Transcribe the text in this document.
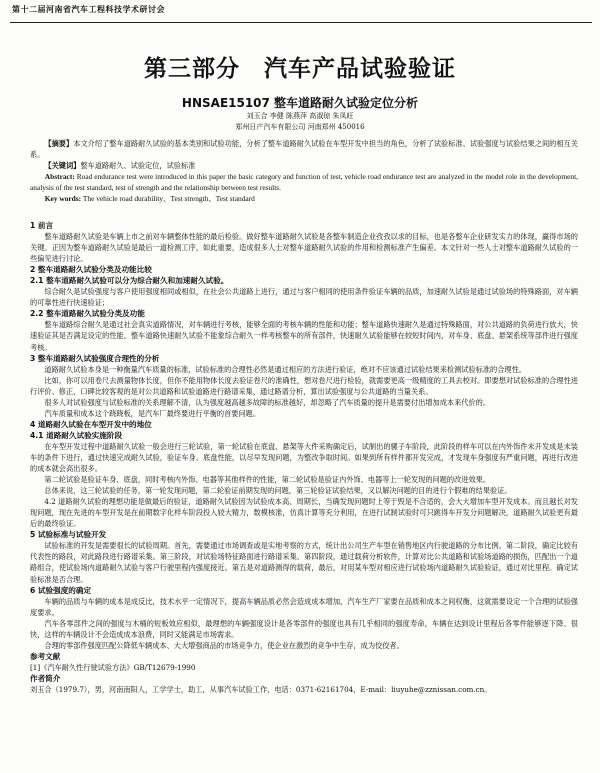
第十二届河南省汽车工程科技学术研讨会
第三部分　汽车产品试验验证
HNSAE15107 整车道路耐久试验定位分析
刘玉合 李健 陈燕萍 高淑琼 朱凤旺
郑州日产汽车有限公司 河南郑州 450016

【摘要】本文介绍了整车道路耐久试验的基本类别和试验功能，分析了整车道路耐久试验在车型开发中担当的角色，分析了试验标准、试验强度与试验结果之间的相互关系。

【关键词】整车道路耐久、试验定位，试验标准

Abstract: Road endurance test were introduced in this paper the basic category and function of test, vehicle road endurance test are analyzed in the model role in the development, analysis of the test standard, test of strength and the relationship between test results.

Key words: The vehicle road durability、Test strength、Test standard

1 前言

整车道路耐久试验是车辆上市之前对车辆整体性能的最后检验。做好整车道路耐久试验是各整车制造企业孜孜以求的目标，也是各整车企业研发实力的体现，赢得市场的关键。正因为整车道路耐久试验是最后一道检测工序，如此重要，造成很多人士对整车道路耐久试验的作用和检测标准产生偏差。本文针对一些人士对整车道路耐久试验的一些偏见进行讨论。

2 整车道路耐久试验分类及功能比较

2.1 整车道路耐久试验可以分为综合耐久和加速耐久试验。

综合耐久是试验强度与客户使用强度相同或相似，在社会公共道路上进行，通过与客户相同的使用条件验证车辆的品质，加速耐久试验是通过试验场的特殊路面，对车辆的可靠性进行快速验证；

2.2 整车道路耐久试验分类及功能

整车道路综合耐久是通过社会真实道路情况，对车辆进行考核，能够全面的考核车辆的性能和功能；整车道路快速耐久是通过特殊路面，对公共道路的负荷进行放大，快速验证其是否满足设定的性能，整车道路快速耐久试验不能象综合耐久一样考核整车的所有部件，快速耐久试验能够在较短时间内，对车身、底盘、悬架系统等部件进行强度考核。

3 整车道路耐久试验强度合理性的分析

道路耐久试验本身是一种衡量汽车质量的标准，试验标准的合理性必然是通过相应的方法进行验证，绝对不应该通过试验结果来检测试验标准的合理性。

比如，你可以用卷尺去测量物体长度，但你不能用物体长度去验证卷尺的准确性，想对卷尺进行检验，就需要更高一级精度的工具去校对。即要想对试验标准的合理性进行评价、修正，口碑比较客观的是对公共道路和试验道路进行路谱采集，通过路谱分析，算出试验强度与公共道路的当量关系。

很多人对试验强度与试验标准的关系理解不清，认为强度越高越多故障的标准越好，却忽略了汽车质量的提升是需要付出增加成本来代价的。

汽车质量和成本这个跷跷板，是汽车厂最终要进行平衡的首要问题。

4 道路耐久试验在车型开发中的地位

4.1 道路耐久试验实施阶段

在车型开发过程中道路耐久试验一般会进行三轮试验，第一轮试验在底盘、悬架等大件采购确定后，试制出的骡子车阶段，此阶段的样车可以在内外饰件未开发成是未装车的条件下进行，通过快速完成耐久试验，验证车身、底盘性能，以尽早发现问题，为整改争取时间。如果到所有样件都开发完成，才发现车身强度有严重问题，再进行改进的成本就会高出很多。

第二轮试验是验证车身、底盘，同时考核内外饰、电器等其他样件的性能，第二轮试验是验证内外饰、电器等上一轮发现的问题的改进效果。

总体来说，这三轮试验的任务，第一轮发现问题，第二轮验证前期发现的问题，第三轮验证试验结果，又以解决问题的目的进行个假难的结果验证。

4.2 道路耐久试验的理想功能是做最后的验证，道路耐久试验因为试验成本高、周期长，当确发现问题时上等于毁是不合适的，会大大增加车型开发成本。而且越长对发现问题，现在先进的车型开发是在前期数字化样车阶段投入较大精力，数模核准，仿真计算等充分利用，在进行试制试验时可只跳得车开发分问题解决，道路耐久试验更有最后的最终验证。

5 试验标准与试验开发

试验标准的开发是需要很长的试验周期。首先，需要通过市场调查或是实地考察的方式，统计出公司生产车型在销售地区内行驶道路的分布比例。第二阶段，确定比较有代表性的路段，对此路段进行路谱采集。第三阶段，对试验场特征路面进行路谱采集、第四阶段，通过载荷分析软件，计算对比公共道路和试验场道路的损伤，匹配出一个道路组合，使试验场内道路耐久试验与客户行驶里程内强度接近。第五是对道路测得的载荷，最后，对用某车型对相应进行试验场内道路耐久试验验证，通过对比里程。确定试验标准是否合理。

6 试验强度的确定

车辆的品质与车辆的成本是成反比，技术水平一定情况下，提高车辆品质必然会造成成本增加，汽车生产厂家要在品质和成本之间权衡，这就需要设定一个合理的试验强度要求。

汽车各零部件之间的强度与木桶的短板效应相似，最理想的车辆强度设计是各零部件的强度也具有几乎相同的强度寿命，车辆在达到设计里程后各零件能够逐下降、很快，这样的车辆设计不会造成成本浪费，同时又能满足市场需求。

合理的零部件强度匹配公降低车辆成本、大大增强商品的市场竞争力，使企业在激烈的竞争中生存，成为佼佼者。

参考文献

[1]《汽车耐久性行驶试验方法》GB/T12679-1990

作者简介

刘玉合（1979.7），男，河南南阳人，工学学士，助工，从事汽车试验工作，电话：0371-62161704，E-mail：liuyuhe@zznissan.com.cn。
